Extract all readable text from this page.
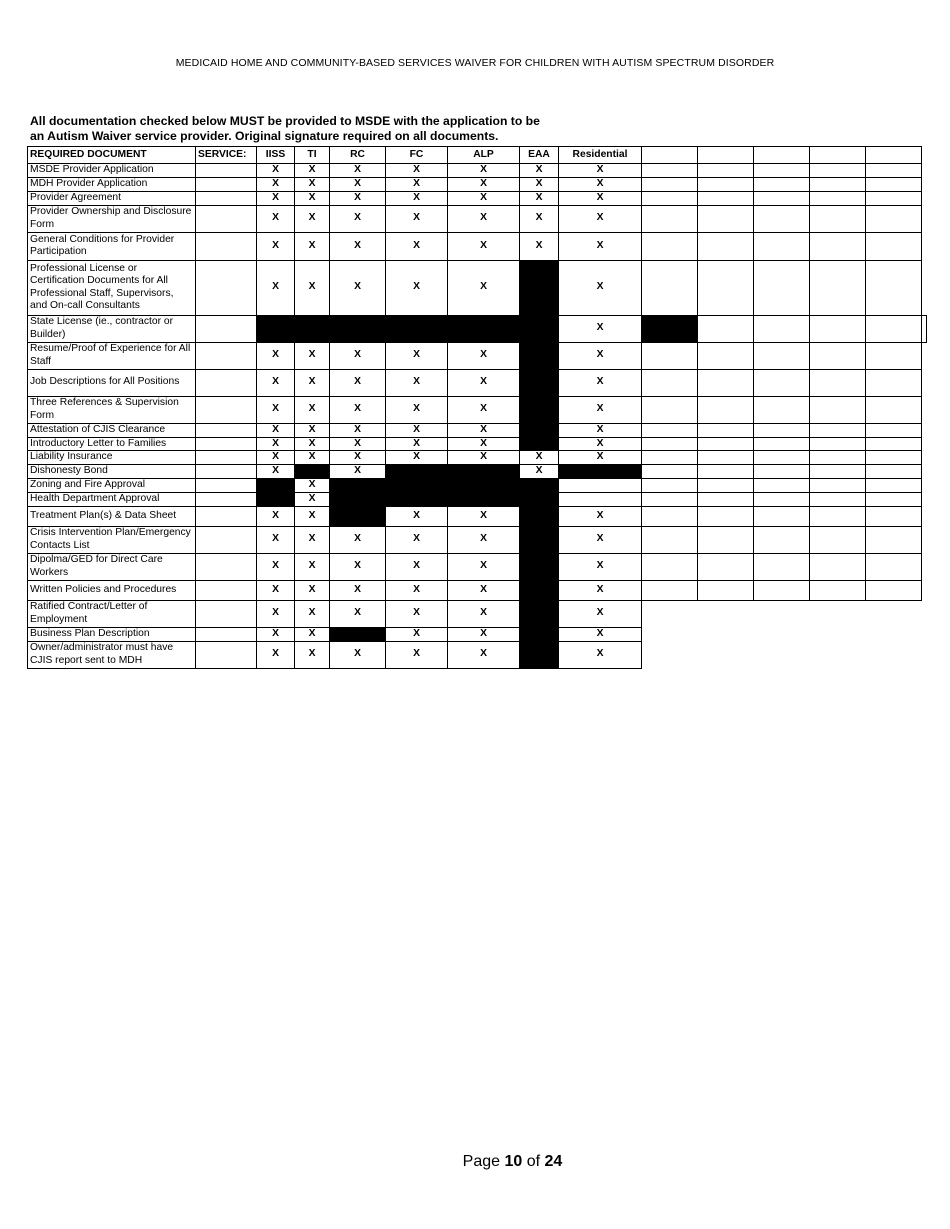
MEDICAID HOME AND COMMUNITY-BASED SERVICES WAIVER FOR CHILDREN WITH AUTISM SPECTRUM DISORDER
All documentation checked below MUST be provided to MSDE with the application to be
an Autism Waiver service provider. Original signature required on all documents.
REQUIRED DOCUMENT	SERVICE:	IISS	TI	RC	FC	ALP	EAA	Residential						
MSDE Provider Application		X	X	X	X	X	X	X						
MDH Provider Application		X	X	X	X	X	X	X						
Provider Agreement		X	X	X	X	X	X	X						
Provider Ownership and Disclosure Form		X	X	X	X	X	X	X						
General Conditions for Provider Participation		X	X	X	X	X	X	X						
Professional License or Certification Documents for All Professional Staff, Supervisors, and On-call Consultants		X	X	X	X	X		X						
State License (ie., contractor or Builder)								X						
Resume/Proof of Experience for All Staff		X	X	X	X	X		X						
Job Descriptions for All Positions		X	X	X	X	X		X						
Three References & Supervision Form		X	X	X	X	X		X						
Attestation of CJIS Clearance		X	X	X	X	X		X						
Introductory Letter to Families		X	X	X	X	X		X						
Liability Insurance		X	X	X	X	X	X	X						
Dishonesty Bond		X		X			X							
Zoning and Fire Approval			X											
Health Department Approval			X											
Treatment Plan(s) & Data Sheet		X	X		X	X		X						
Crisis Intervention Plan/Emergency Contacts List		X	X	X	X	X		X						
Dipolma/GED for Direct Care Workers		X	X	X	X	X		X						
Written Policies and Procedures		X	X	X	X	X		X						
Ratified Contract/Letter of Employment		X	X	X	X	X		X						
Business Plan Description		X	X		X	X		X						
Owner/administrator must have CJIS report sent to MDH		X	X	X	X	X		X						
Page 10 of 24
